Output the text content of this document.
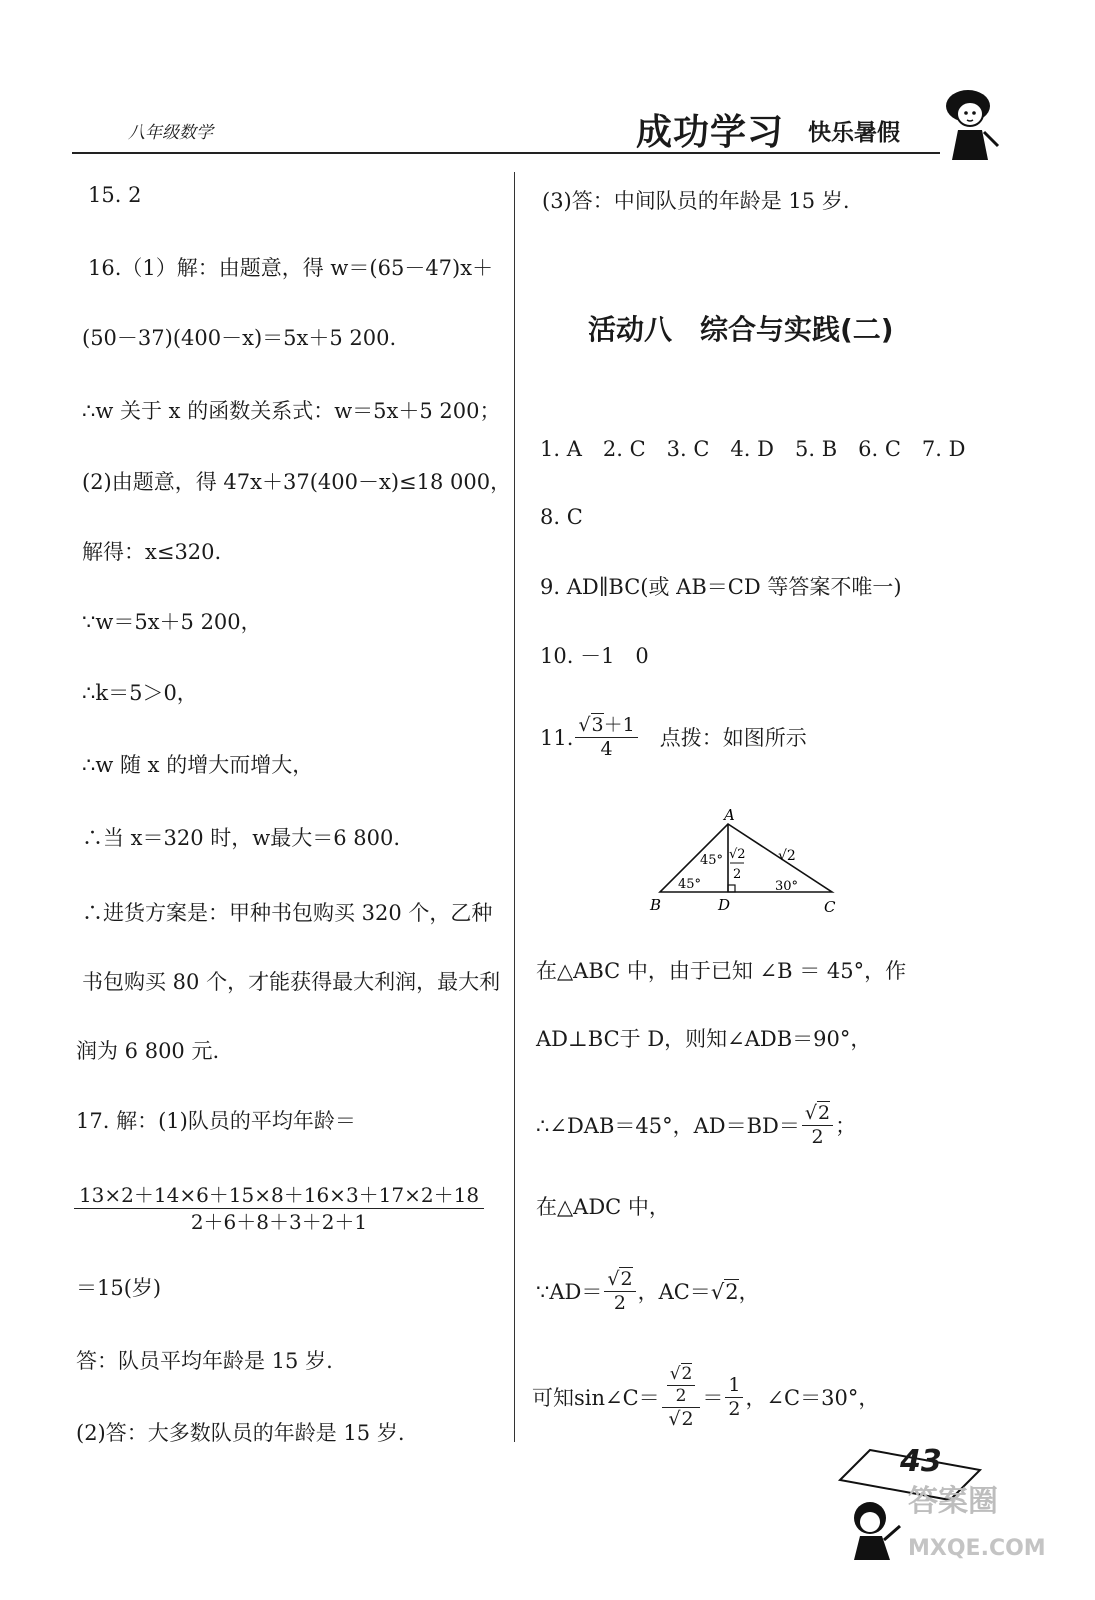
八年级数学	成功学习 快乐暑假
15. 2
16.（1）解：由题意，得 w＝(65－47)x＋
(50－37)(400－x)＝5x＋5 200.
∴w 关于 x 的函数关系式：w＝5x＋5 200；
(2)由题意，得 47x＋37(400－x)≤18 000，
解得：x≤320.
∵w＝5x＋5 200，
∴k＝5＞0，
∴w 随 x 的增大而增大，
∴当 x＝320 时，w最大＝6 800.
∴进货方案是：甲种书包购买 320 个，乙种
书包购买 80 个，才能获得最大利润，最大利
润为 6 800 元.
17. 解：(1)队员的平均年龄＝
$\frac{13\times 2+14\times 6+15\times 8+16\times 3+17\times 2+18}{2+6+8+3+2+1}$
＝15(岁)
答：队员平均年龄是 15 岁.
(2)答：大多数队员的年龄是 15 岁.
(3)答：中间队员的年龄是 15 岁.
活动八　综合与实践(二)
1. A　2. C　3. C　4. D　5. B　6. C　7. D
8. C
9. AD∥BC(或 AB＝CD 等答案不唯一)
10. －1　0
11. $\frac{√3+1}{4}$ 点拨：如图所示
A
B	D	C
45°
45°
30°
√2
2
√2
在△ABC 中，由于已知 ∠B ＝ 45°，作
AD⊥BC于 D，则知∠ADB＝90°，
∴∠DAB＝45°，$AD=BD= \frac{√2}{2}$ ；
在△ADC 中，
∵AD＝ $\frac{√2}{2}$ ，AC＝ √2 ，
可知sin∠C＝ $\frac{\frac{√2}{2}}{√2} = \frac{1}{2}$ ，∠C＝30°，
43
答案圈
MXQE.COM
